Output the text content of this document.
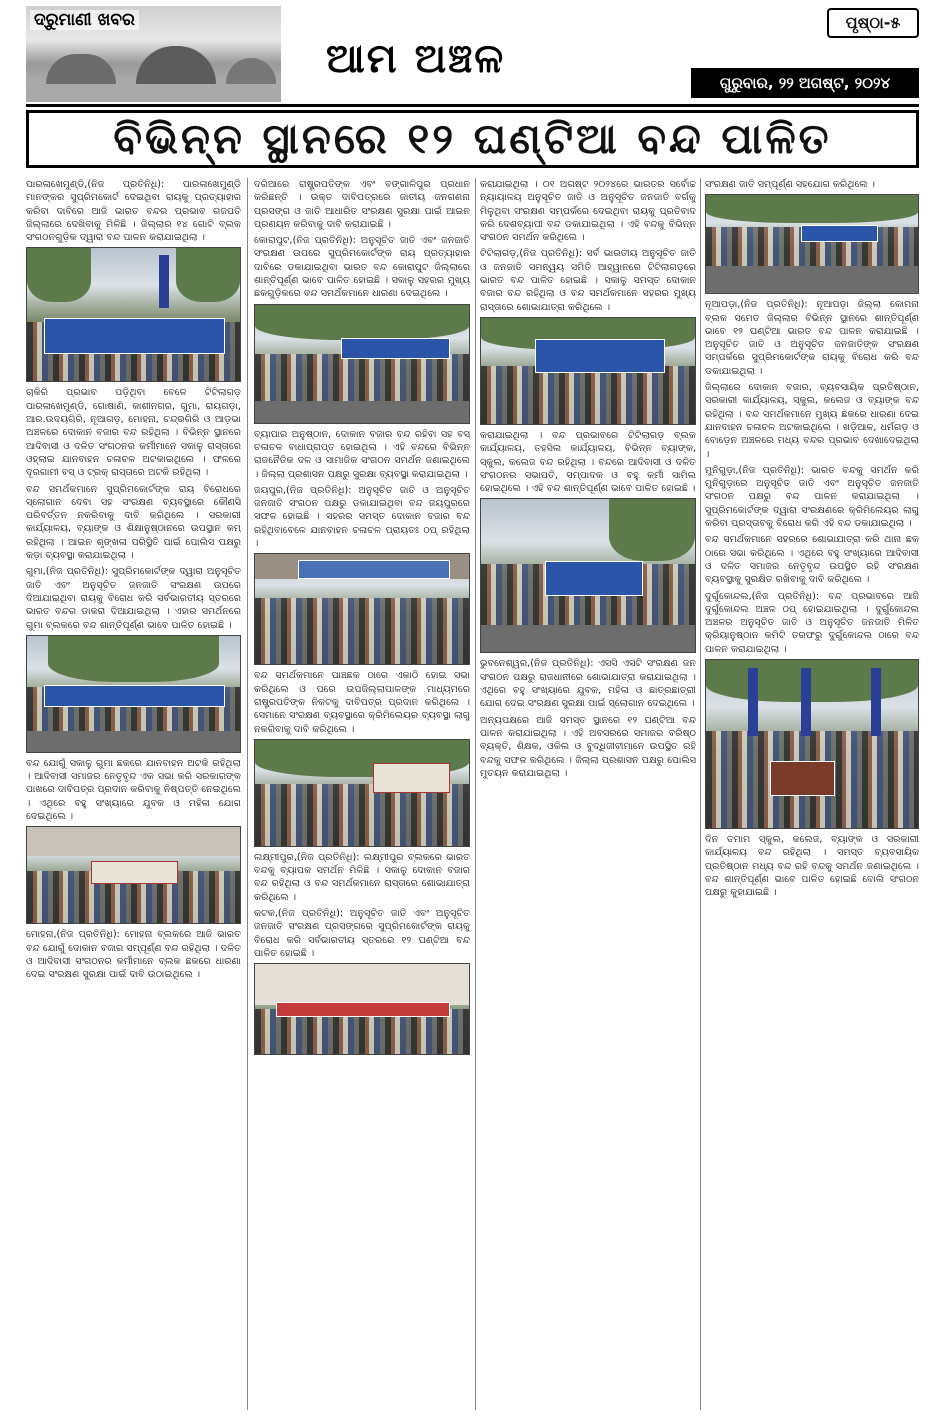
ଦ୍ରୁମାଣୀ ଖବର
ଆମ ଅଞ୍ଚଳ
ପୃଷ୍ଠା-୫
ଗୁରୁବାର, ୨୨ ଅଗଷ୍ଟ, ୨୦୨୪
ବିଭିନ୍ନ ସ୍ଥାନରେ ୧୨ ଘଣ୍ଟିଆ ବନ୍ଦ ପାଳିତ

ପାରଳାଖେମୁଣ୍ଡି,(ନିଜ ପ୍ରତିନିଧି): ପାରଳାଖେମୁଣ୍ଡି ମାନଙ୍କର ସୁପ୍ରିମକୋର୍ଟ ଦେଇଥିବା ରାୟକୁ ପ୍ରତ୍ୟାହାର କରିବା ଦାବିରେ ଆଜି ଭାରତ ବନ୍ଦର ପ୍ରଭାବ ଗଜପତି ଜିଲ୍ଲାରେ ଦେଖିବାକୁ ମିଳିଛି । ଜିଲ୍ଲାର ୧୪ ଗୋଟି ବ୍ଲକ ସଂଗଠନଗୁଡ଼ିକ ଦ୍ୱାରା ବନ୍ଦ ପାଳନ କରାଯାଇଥିଲା ।

ଚାକିରି ପ୍ରଭାବ ପଡ଼ିଥିବା ବେଳେ ଟିଟିଲାଗଡ଼ ପାରଳାଖେମୁଣ୍ଡି, ଗୋଷାଣି, କାଶୀନଗର, ଗୁମା, ରାୟଗଡ଼ା, ଆର.ଉଦୟଗିରି, ନୂଆଗଡ଼, ମୋହନା, ଚନ୍ଦ୍ରଗିରି ଓ ଆଡ଼ଭା ଅଞ୍ଚଳରେ ଦୋକାନ ବଜାର ବନ୍ଦ ରହିଥିଲା । ବିଭିନ୍ନ ସ୍ଥାନରେ ଆଦିବାସୀ ଓ ଦଳିତ ସଂଗଠନର କର୍ମୀମାନେ ସକାଳୁ ରାସ୍ତାରେ ଓହ୍ଲାଇ ଯାନବାହନ ଚଳାଚଳ ଅଟକାଇଥିଲେ । ଫଳରେ ଦୂରଗାମୀ ବସ୍ ଓ ଟ୍ରକ୍ ରାସ୍ତାରେ ଅଟକି ରହିଥିଲା ।

ବନ୍ଦ ସମର୍ଥକମାନେ ସୁପ୍ରିମକୋର୍ଟଙ୍କ ରାୟ ବିରୋଧରେ ସ୍ଲୋଗାନ ଦେବା ସହ ସଂରକ୍ଷଣ ବ୍ୟବସ୍ଥାରେ କୌଣସି ପରିବର୍ତ୍ତନ ନକରିବାକୁ ଦାବି କରିଥିଲେ । ସରକାରୀ କାର୍ଯ୍ୟାଳୟ, ବ୍ୟାଙ୍କ ଓ ଶିକ୍ଷାନୁଷ୍ଠାନରେ ଉପସ୍ଥାନ କମ୍ ରହିଥିଲା । ଆଇନ ଶୃଙ୍ଖଳା ପରିସ୍ଥିତି ପାଇଁ ପୋଲିସ ପକ୍ଷରୁ କଡ଼ା ବ୍ୟବସ୍ଥା କରାଯାଇଥିଲା ।

ଗୁମା,(ନିଜ ପ୍ରତିନିଧି): ସୁପ୍ରିମକୋର୍ଟଙ୍କ ଦ୍ୱାରା ଅନୁସୂଚିତ ଜାତି ଏବଂ ଅନୁସୂଚିତ ଜନଜାତି ସଂରକ୍ଷଣ ଉପରେ ଦିଆଯାଇଥିବା ରାୟକୁ ବିରୋଧ କରି ସର୍ବଭାରତୀୟ ସ୍ତରରେ ଭାରତ ବନ୍ଦର ଡାକରା ଦିଆଯାଇଥିଲା । ଏହାର ସମର୍ଥନରେ ଗୁମା ବ୍ଲକରେ ବନ୍ଦ ଶାନ୍ତିପୂର୍ଣ୍ଣ ଭାବେ ପାଳିତ ହୋଇଛି ।

ବନ୍ଦ ଯୋଗୁଁ ସକାଳୁ ଗୁମା ଛକରେ ଯାନବାହନ ଅଟକି ରହିଥିଲା । ଆଦିବାସୀ ସମାଜର ନେତୃବୃନ୍ଦ ଏକ ସଭା କରି ସରକାରଙ୍କ ପାଖରେ ଦାବିପତ୍ର ପ୍ରଦାନ କରିବାକୁ ନିଷ୍ପତ୍ତି ନେଇଥିଲେ । ଏଥିରେ ବହୁ ସଂଖ୍ୟାରେ ଯୁବକ ଓ ମହିଳା ଯୋଗ ଦେଇଥିଲେ ।

ମୋହନା,(ନିଜ ପ୍ରତିନିଧି): ମୋହନା ବ୍ଲକରେ ଆଜି ଭାରତ ବନ୍ଦ ଯୋଗୁଁ ଦୋକାନ ବଜାର ସମ୍ପୂର୍ଣ୍ଣ ବନ୍ଦ ରହିଥିଲା । ଦଳିତ ଓ ଆଦିବାସୀ ସଂଗଠନର କର୍ମୀମାନେ ବ୍ଲକ ଛକରେ ଧାରଣା ଦେଇ ସଂରକ୍ଷଣ ସୁରକ୍ଷା ପାଇଁ ଦାବି ଉଠାଇଥିଲେ ।

ଦରିଆରେ ରାଷ୍ଟ୍ରପତିଙ୍କ ଏବଂ ବଙ୍ଗାଳିପୁର ପ୍ରଧାନ କରିଛନ୍ତି । ଉକ୍ତ ଦାବିପତ୍ରରେ ଜାତୀୟ ଜନଗଣନା ପ୍ରସଙ୍ଗ ଓ ଜାତି ଆଧାରିତ ସଂରକ୍ଷଣ ସୁରକ୍ଷା ପାଇଁ ଆଇନ ପ୍ରଣୟନ କରିବାକୁ ଦାବି କରାଯାଇଛି ।

କୋରାପୁଟ,(ନିଜ ପ୍ରତିନିଧି): ଅନୁସୂଚିତ ଜାତି ଏବଂ ଜନଜାତି ସଂରକ୍ଷଣ ଉପରେ ସୁପ୍ରିମକୋର୍ଟଙ୍କ ରାୟ ପ୍ରତ୍ୟାହାର ଦାବିରେ ଡକାଯାଇଥିବା ଭାରତ ବନ୍ଦ କୋରାପୁଟ ଜିଲ୍ଲାରେ ଶାନ୍ତିପୂର୍ଣ୍ଣ ଭାବେ ପାଳିତ ହୋଇଛି । ସକାଳୁ ସହରର ମୁଖ୍ୟ ଛକଗୁଡ଼ିକରେ ବନ୍ଦ ସମର୍ଥକମାନେ ଧାରଣା ଦେଇଥିଲେ ।

ବ୍ୟାପାର ଅନୁଷ୍ଠାନ, ଦୋକାନ ବଜାର ବନ୍ଦ ରହିବା ସହ ବସ୍ ଚଳାଚଳ ବାଧାପ୍ରାପ୍ତ ହୋଇଥିଲା । ଏହି ବନ୍ଦରେ ବିଭିନ୍ନ ରାଜନୈତିକ ଦଳ ଓ ସାମାଜିକ ସଂଗଠନ ସମର୍ଥନ ଜଣାଇଥିଲେ । ଜିଲ୍ଲା ପ୍ରଶାସନ ପକ୍ଷରୁ ସୁରକ୍ଷା ବ୍ୟବସ୍ଥା କରାଯାଇଥିଲା ।

ଜୟପୁର,(ନିଜ ପ୍ରତିନିଧି): ଅନୁସୂଚିତ ଜାତି ଓ ଅନୁସୂଚିତ ଜନଜାତି ସଂଗଠନ ପକ୍ଷରୁ ଡକାଯାଇଥିବା ବନ୍ଦ ଜୟପୁରରେ ସଫଳ ହୋଇଛି । ସହରର ସମସ୍ତ ଦୋକାନ ବଜାର ବନ୍ଦ ରହିଥିବାବେଳେ ଯାନବାହନ ଚଳାଚଳ ପ୍ରାୟତଃ ଠପ୍ ରହିଥିଲା ।

ବନ୍ଦ ସମର୍ଥକମାନେ ପାଞ୍ଚଛକ ଠାରେ ଏକାଠି ହୋଇ ସଭା କରିଥିଲେ ଓ ପରେ ଉପଜିଲ୍ଲାପାଳଙ୍କ ମାଧ୍ୟମରେ ରାଷ୍ଟ୍ରପତିଙ୍କ ନିକଟକୁ ଦାବିପତ୍ର ପ୍ରଦାନ କରିଥିଲେ । ସେମାନେ ସଂରକ୍ଷଣ ବ୍ୟବସ୍ଥାରେ କ୍ରିମିଲେୟର ବ୍ୟବସ୍ଥା ଲାଗୁ ନକରିବାକୁ ଦାବି କରିଥିଲେ ।

ଲକ୍ଷ୍ମୀପୁର,(ନିଜ ପ୍ରତିନିଧି): ଲକ୍ଷ୍ମୀପୁର ବ୍ଲକରେ ଭାରତ ବନ୍ଦକୁ ବ୍ୟାପକ ସମର୍ଥନ ମିଳିଛି । ସକାଳୁ ଦୋକାନ ବଜାର ବନ୍ଦ ରହିଥିଲା ଓ ବନ୍ଦ ସମର୍ଥକମାନେ ରାସ୍ତାରେ ଶୋଭାଯାତ୍ରା କରିଥିଲେ ।

କଟକ,(ନିଜ ପ୍ରତିନିଧି): ଅନୁସୂଚିତ ଜାତି ଏବଂ ଅନୁସୂଚିତ ଜନଜାତି ସଂରକ୍ଷଣ ପ୍ରସଙ୍ଗରେ ସୁପ୍ରିମକୋର୍ଟଙ୍କ ରାୟକୁ ବିରୋଧ କରି ସର୍ବଭାରତୀୟ ସ୍ତରରେ ୧୨ ଘଣ୍ଟିଆ ବନ୍ଦ ପାଳିତ ହୋଇଛି ।

କରାଯାଇଥିଲା । ୦୧ ଅଗଷ୍ଟ ୨୦୨୪ରେ ଭାରତର ସର୍ବୋଚ୍ଚ ନ୍ୟାୟାଳୟ ଅନୁସୂଚିତ ଜାତି ଓ ଅନୁସୂଚିତ ଜନଜାତି ବର୍ଗକୁ ମିଳୁଥିବା ସଂରକ୍ଷଣ ସମ୍ପର୍କରେ ଦେଇଥିବା ରାୟକୁ ପ୍ରତିବାଦ କରି ଦେଶବ୍ୟାପୀ ବନ୍ଦ ଡକାଯାଇଥିଲା । ଏହି ବନ୍ଦକୁ ବିଭିନ୍ନ ସଂଗଠନ ସମର୍ଥନ କରିଥିଲେ ।

ଟିଟିଲାଗଡ଼,(ନିଜ ପ୍ରତିନିଧି): ସର୍ବ ଭାରତୀୟ ଅନୁସୂଚିତ ଜାତି ଓ ଜନଜାତି ସମନ୍ୱୟ ସମିତି ଆହ୍ୱାନରେ ଟିଟିଲାଗଡ଼ରେ ଭାରତ ବନ୍ଦ ପାଳିତ ହୋଇଛି । ସକାଳୁ ସମସ୍ତ ଦୋକାନ ବଜାର ବନ୍ଦ ରହିଥିଲା ଓ ବନ୍ଦ ସମର୍ଥକମାନେ ସହରର ମୁଖ୍ୟ ରାସ୍ତାରେ ଶୋଭାଯାତ୍ରା କରିଥିଲେ ।

କରାଯାଇଥିଲା । ବନ୍ଦ ପ୍ରଭାବରେ ଟିଟିଲାଗଡ଼ ବ୍ଲକ କାର୍ଯ୍ୟାଳୟ, ତହସିଲ କାର୍ଯ୍ୟାଳୟ, ବିଭିନ୍ନ ବ୍ୟାଙ୍କ, ସ୍କୁଲ, କଲେଜ ବନ୍ଦ ରହିଥିଲା । ବନ୍ଦରେ ଆଦିବାସୀ ଓ ଦଳିତ ସଂଗଠନର ସଭାପତି, ସମ୍ପାଦକ ଓ ବହୁ କର୍ମୀ ସାମିଲ ହୋଇଥିଲେ । ଏହି ବନ୍ଦ ଶାନ୍ତିପୂର୍ଣ୍ଣ ଭାବେ ପାଳିତ ହୋଇଛି ।

ଭୁବନେଶ୍ୱର,(ନିଜ ପ୍ରତିନିଧି): ଏସସି ଏସଟି ସଂରକ୍ଷଣ ଜନ ସଂଗଠନ ପକ୍ଷରୁ ରାଜଧାନୀରେ ଶୋଭାଯାତ୍ରା କରାଯାଇଥିଲା । ଏଥିରେ ବହୁ ସଂଖ୍ୟାରେ ଯୁବକ, ମହିଳା ଓ ଛାତ୍ରଛାତ୍ରୀ ଯୋଗ ଦେଇ ସଂରକ୍ଷଣ ସୁରକ୍ଷା ପାଇଁ ସ୍ଲୋଗାନ ଦେଇଥିଲେ ।

ଅନ୍ୟପକ୍ଷରେ ଆଜି ସମସ୍ତ ସ୍ଥାନରେ ୧୨ ଘଣ୍ଟିଆ ବନ୍ଦ ପାଳନ କରାଯାଇଥିଲା । ଏହି ଅବସରରେ ସମାଜର ବରିଷ୍ଠ ବ୍ୟକ୍ତି, ଶିକ୍ଷକ, ଓକିଲ ଓ ବୁଦ୍ଧିଜୀବୀମାନେ ଉପସ୍ଥିତ ରହି ବନ୍ଦକୁ ସଫଳ କରିଥିଲେ । ଜିଲ୍ଲା ପ୍ରଶାସନ ପକ୍ଷରୁ ପୋଲିସ ମୁତୟନ କରାଯାଇଥିଲା ।

ସଂରକ୍ଷଣ ଜାତି ସମ୍ପୂର୍ଣ୍ଣ ସହଯୋଗ କରିଥିଲେ ।

ନୂଆପଡ଼ା,(ନିଜ ପ୍ରତିନିଧି): ନୂଆପଡ଼ା ଜିଲ୍ଲା କୋମନା ବ୍ଲକ ସମେତ ଜିଲ୍ଲାର ବିଭିନ୍ନ ସ୍ଥାନରେ ଶାନ୍ତିପୂର୍ଣ୍ଣ ଭାବେ ୧୨ ଘଣ୍ଟିଆ ଭାରତ ବନ୍ଦ ପାଳନ କରାଯାଇଛି । ଅନୁସୂଚିତ ଜାତି ଓ ଅନୁସୂଚିତ ଜନଜାତିଙ୍କ ସଂରକ୍ଷଣ ସମ୍ପର୍କରେ ସୁପ୍ରିମକୋର୍ଟଙ୍କ ରାୟକୁ ବିରୋଧ କରି ବନ୍ଦ ଡକାଯାଇଥିଲା ।

ଜିଲ୍ଲାରେ ଦୋକାନ ବଜାର, ବ୍ୟବସାୟିକ ପ୍ରତିଷ୍ଠାନ, ସରକାରୀ କାର୍ଯ୍ୟାଳୟ, ସ୍କୁଲ, କଲେଜ ଓ ବ୍ୟାଙ୍କ ବନ୍ଦ ରହିଥିଲା । ବନ୍ଦ ସମର୍ଥକମାନେ ମୁଖ୍ୟ ଛକରେ ଧାରଣା ଦେଇ ଯାନବାହନ ଚଳାଚଳ ଅଟକାଇଥିଲେ । ଖଡ଼ିଆଳ, ଧର୍ମଗଡ଼ ଓ ବୋଡ଼େନ ଅଞ୍ଚଳରେ ମଧ୍ୟ ବନ୍ଦର ପ୍ରଭାବ ଦେଖାଦେଇଥିଲା ।

ମୁନିଗୁଡ଼ା,(ନିଜ ପ୍ରତିନିଧି): ଭାରତ ବନ୍ଦକୁ ସମର୍ଥନ କରି ମୁନିଗୁଡ଼ାରେ ଅନୁସୂଚିତ ଜାତି ଏବଂ ଅନୁସୂଚିତ ଜନଜାତି ସଂଗଠନ ପକ୍ଷରୁ ବନ୍ଦ ପାଳନ କରାଯାଇଥିଲା । ସୁପ୍ରିମକୋର୍ଟଙ୍କ ଦ୍ୱାରା ସଂରକ୍ଷଣରେ କ୍ରିମିଲେୟର ଲାଗୁ କରିବା ପ୍ରସ୍ତାବକୁ ବିରୋଧ କରି ଏହି ବନ୍ଦ ଡକାଯାଇଥିଲା ।

ବନ୍ଦ ସମର୍ଥକମାନେ ସହରରେ ଶୋଭାଯାତ୍ରା କରି ଥାନା ଛକ ଠାରେ ସଭା କରିଥିଲେ । ଏଥିରେ ବହୁ ସଂଖ୍ୟାରେ ଆଦିବାସୀ ଓ ଦଳିତ ସମାଜର ନେତୃବୃନ୍ଦ ଉପସ୍ଥିତ ରହି ସଂରକ୍ଷଣ ବ୍ୟବସ୍ଥାକୁ ସୁରକ୍ଷିତ ରଖିବାକୁ ଦାବି କରିଥିଲେ ।

ଦୁର୍ଗୁକୋନ୍ଦଲ,(ନିଜ ପ୍ରତିନିଧି): ବନ୍ଦ ପ୍ରଭାବରେ ଆଜି ଦୁର୍ଗୁକୋନ୍ଦଲ ଅଞ୍ଚଳ ଠପ୍ ହୋଇଯାଇଥିଲା । ଦୁର୍ଗୁକୋନ୍ଦଲ ଅଞ୍ଚଳର ଅନୁସୂଚିତ ଜାତି ଓ ଅନୁସୂଚିତ ଜନଜାତି ମିଳିତ କ୍ରିୟାନୁଷ୍ଠାନ କମିଟି ତରଫରୁ ଦୁର୍ଗୁକୋନ୍ଦଲ ଠାରେ ବନ୍ଦ ପାଳନ କରାଯାଇଥିଲା ।

ଦିନ ତମାମ ସ୍କୁଲ, କଲେଜ, ବ୍ୟାଙ୍କ ଓ ସରକାରୀ କାର୍ଯ୍ୟାଳୟ ବନ୍ଦ ରହିଥିଲା । ସମସ୍ତ ବ୍ୟବସାୟିକ ପ୍ରତିଷ୍ଠାନ ମଧ୍ୟ ବନ୍ଦ ରହି ବନ୍ଦକୁ ସମର୍ଥନ ଜଣାଇଥିଲେ । ବନ୍ଦ ଶାନ୍ତିପୂର୍ଣ୍ଣ ଭାବେ ପାଳିତ ହୋଇଛି ବୋଲି ସଂଗଠନ ପକ୍ଷରୁ କୁହାଯାଇଛି ।
